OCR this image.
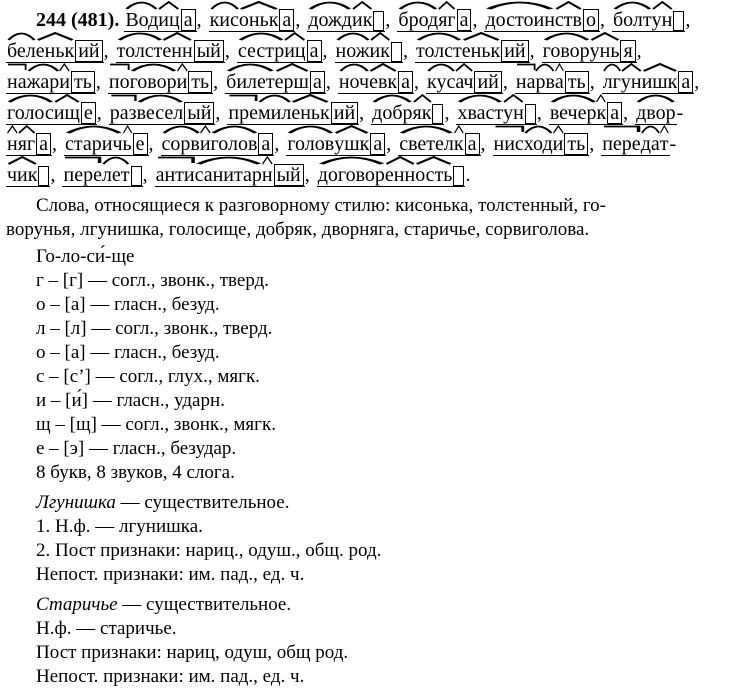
244 (481). Вод
иц а ,
кис
оньк а ,
дожд
ик ,
брод
яг а ,
достоин
ств о ,
болт
ун ,
бел
еньк ий ,
толст
енн ый ,
сестр
иц а ,
нож
ик ,
толст
еньк ий ,
говор
унь я ,
на
жар
и ть ,
по
говор
и ть ,
билет
ерш а ,
ноч
евк а ,
кус
ач ий ,
на
рв
а ть ,
лг
ун
ишк а ,
голос
ищ е ,
раз
весел ый ,
пре
мил
еньк ий ,
добр
як ,
хваст
ун ,
вечер
к а ,
двор-
н
яг а ,
старич
ь е ,
сорв
и
голов а ,
голов
ушк а ,
светел
к а ,
нис
ход
и ть ,
пере
да
т-
чик ,
пере
лет ,
анти
санитар
н ый ,
договор
енн
ость .
Слова, относящиеся к разговорному стилю: кисонька, толстенный, го-
ворунья, лгунишка, голосище, добряк, дворняга, старичье, сорвиголова.
Го-ло-си́-ще
г – [г] — согл., звонк., тверд.
о – [а] — гласн., безуд.
л – [л] — согл., звонк., тверд.
о – [а] — гласн., безуд.
с – [с’] — согл., глух., мягк.
и – [и́] — гласн., ударн.
щ – [щ] — согл., звонк., мягк.
е – [э] — гласн., безудар.
8 букв, 8 звуков, 4 слога.
Лгунишка — существительное.
1. Н.ф. — лгунишка.
2. Пост признаки: нариц., одуш., общ. род.
Непост. признаки: им. пад., ед. ч.
Старичье — существительное.
Н.ф. — старичье.
Пост признаки: нариц, одуш, общ род.
Непост. признаки: им. пад., ед. ч.
